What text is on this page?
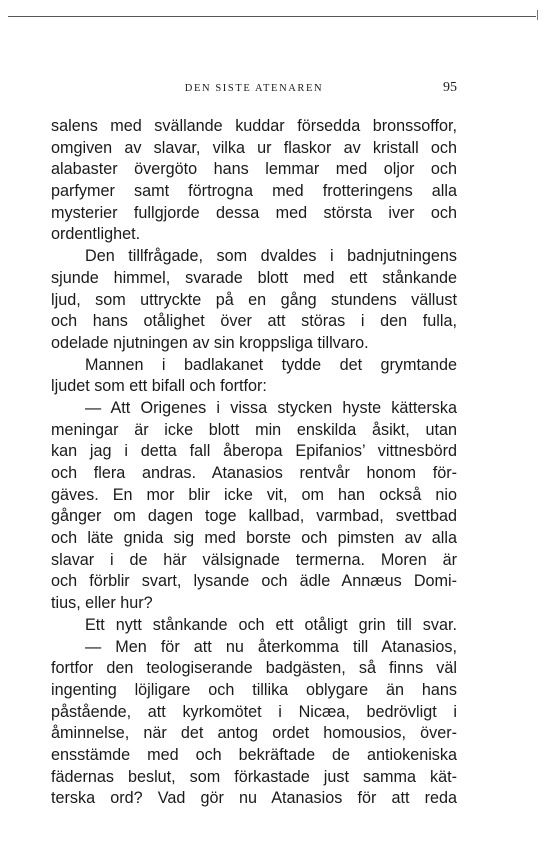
DEN SISTE ATENAREN	95
salens med svällande kuddar försedda bronssoffor,
omgiven av slavar, vilka ur flaskor av kristall och
alabaster övergöto hans lemmar med oljor och
parfymer samt förtrogna med frotteringens alla
mysterier fullgjorde dessa med största iver och
ordentlighet.
Den tillfrågade, som dvaldes i badnjutningens
sjunde himmel, svarade blott med ett stånkande
ljud, som uttryckte på en gång stundens vällust
och hans otålighet över att störas i den fulla,
odelade njutningen av sin kroppsliga tillvaro.
Mannen i badlakanet tydde det grymtande
ljudet som ett bifall och fortfor:
— Att Origenes i vissa stycken hyste kätterska
meningar är icke blott min enskilda åsikt, utan
kan jag i detta fall åberopa Epifanios’ vittnesbörd
och flera andras. Atanasios rentvår honom för-
gäves. En mor blir icke vit, om han också nio
gånger om dagen toge kallbad, varmbad, svettbad
och läte gnida sig med borste och pimsten av alla
slavar i de här välsignade termerna. Moren är
och förblir svart, lysande och ädle Annæus Domi-
tius, eller hur?
Ett nytt stånkande och ett otåligt grin till svar.
— Men för att nu återkomma till Atanasios,
fortfor den teologiserande badgästen, så finns väl
ingenting löjligare och tillika oblygare än hans
påstående, att kyrkomötet i Nicæa, bedrövligt i
åminnelse, när det antog ordet homousios, över-
ensstämde med och bekräftade de antiokeniska
fädernas beslut, som förkastade just samma kät-
terska ord? Vad gör nu Atanasios för att reda
